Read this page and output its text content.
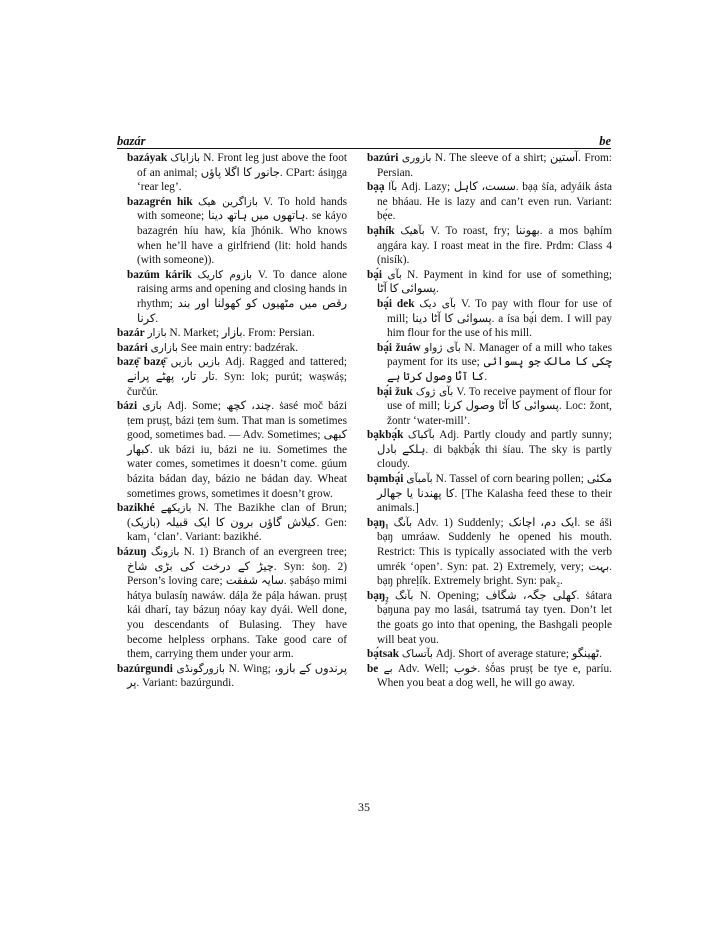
bazár	be
bazáyak بازایاک N. Front leg just above the foot of an animal; جانور کا اگلا پاؤں. CPart: ásiŋga ‘rear leg’.
bazagrén hik بازاگرین ھیک V. To hold hands with someone; ہاتھوں میں ہاتھ دینا. se káyo bazagrén híu haw, kía ǰhónik. Who knows when he’ll have a girlfriend (lit: hold hands (with someone)).
bazúm kárik بازوم کاریک V. To dance alone raising arms and opening and closing hands in rhythm; رقص میں مٹھیوں کو کھولنا اور بند کرنا.
bazár بازار N. Market; بازار. From: Persian.
bazári بازاری See main entry: badzérak.
bazẹ̄ bazẹ̄ بازیں بازیں Adj. Ragged and tattered; تار تار، پھٹے پرانے. Syn: lok; purút; waṣwáṣ; čurčúr.
bázi بازی Adj. Some; چند، کچھ. ṡasé moč bázi ṭem pruṣṭ, bázi ṭem ṡum. That man is sometimes good, sometimes bad. — Adv. Sometimes; کبھی کبھار. uk bázi iu, bázi ne iu. Sometimes the water comes, sometimes it doesn’t come. gúum bázita bádan day, bázio ne bádan day. Wheat sometimes grows, sometimes it doesn’t grow.
bazikhé بازیکھے N. The Bazikhe clan of Brun; کیلاش گاؤں برون کا ایک قبیلہ (بازیک). Gen: kam₁ ‘clan’. Variant: bazikhé.
bázuŋ بازونگ N. 1) Branch of an evergreen tree; چیڑ کے درخت کی بڑی شاخ. Syn: ṡoŋ. 2) Person’s loving care; سایہ شفقت. ṣabáṣo mimi hátya bulasíŋ nawáw. dáḷa že páḷa háwan. pruṣṭ kái dharí, tay bázuŋ nóay kay dyái. Well done, you descendants of Bulasing. They have become helpless orphans. Take good care of them, carrying them under your arm.
bazúrgundi بازورگونڈی N. Wing; پرندوں کے بازو، پر. Variant: bazúrgundi.
bazúri بازوری N. The sleeve of a shirt; آستین. From: Persian.
bạạ بآا Adj. Lazy; سست، کاہل. bạạ ṡía, adyáik ásta ne bháau. He is lazy and can’t even run. Variant: bẹ́e.
bạhík بآھیک V. To roast, fry; بھوننا. a mos bạhím aŋgára kay. I roast meat in the fire. Prdm: Class 4 (nisík).
bạ́i بآی N. Payment in kind for use of something; پسوائی کا آٹا.
bạ́i dek بآی دیک V. To pay with flour for use of mill; پسوائی کا آٹا دینا. a ísa bạ́i dem. I will pay him flour for the use of his mill.
bạ́i žuáw بآی ژواو N. Manager of a mill who takes payment for its use; چکی کا مالک جو پسوائی کا آٹا وصول کرتا ہے.
bạ́i žuk بآی ژوک V. To receive payment of flour for use of mill; پسوائی کا آٹا وصول کرنا. Loc: žont, žontr ‘water-mill’.
bạkbạ́k بآکباک Adj. Partly cloudy and partly sunny; ہلکے بادل. di bạkbạ́k thi ṡíau. The sky is partly cloudy.
bạmbạ́i بآمبآی N. Tassel of corn bearing pollen; مکئی کا پھندنا یا جھالر. [The Kalasha feed these to their animals.]
bạŋ₁ بآنگ Adv. 1) Suddenly; ایک دم، اچانک. se áši bạŋ umráaw. Suddenly he opened his mouth. Restrict: This is typically associated with the verb umrék ‘open’. Syn: pat. 2) Extremely, very; بہت. bạŋ phreḷík. Extremely bright. Syn: pak₂.
bạŋ₂ بآنگ N. Opening; کھلی جگہ، شگاف. ṡátara bạ́ŋuna pay mo lasái, tsatrumá tay tyen. Don’t let the goats go into that opening, the Bashgali people will beat you.
bạ́tsak بآتساک Adj. Short of average stature; ٹھینگو.
be بے Adv. Well; خوب. ṡṓas pruṣṭ be tye e, paríu. When you beat a dog well, he will go away.
35
